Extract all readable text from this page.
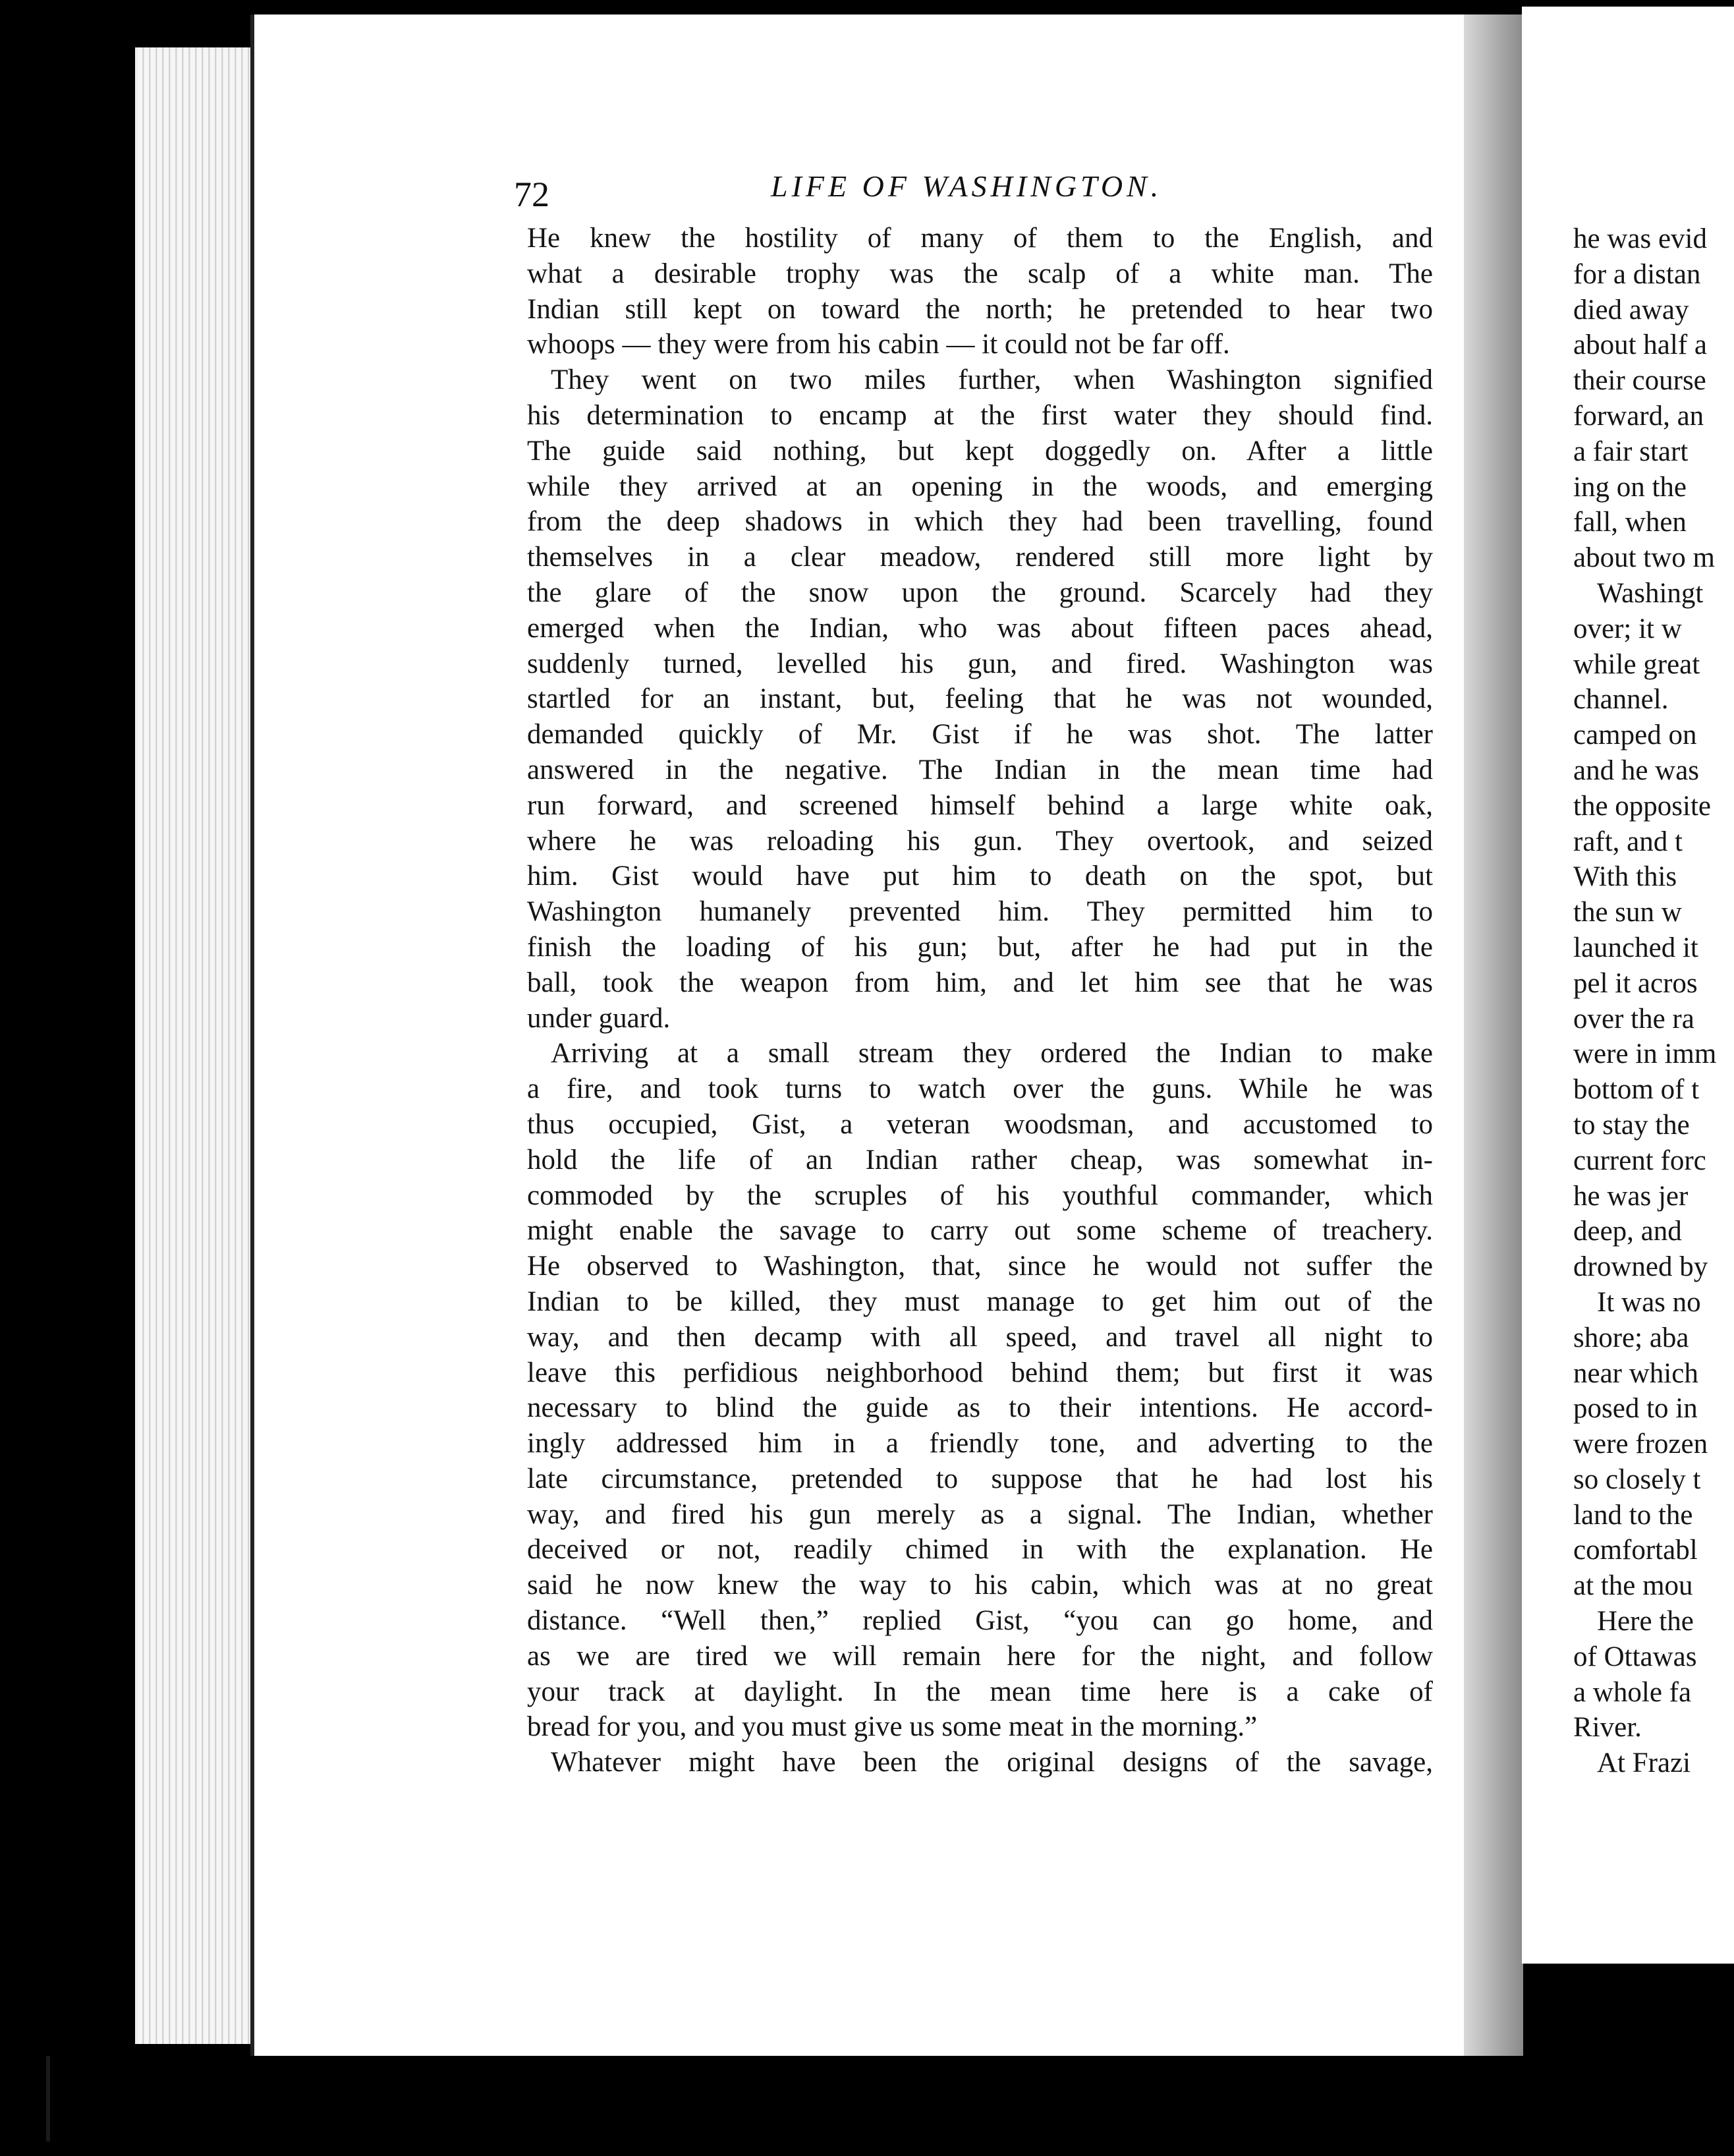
72	LIFE OF WASHINGTON.
He knew the hostility of many of them to the English, and
what a desirable trophy was the scalp of a white man. The
Indian still kept on toward the north; he pretended to hear two
whoops — they were from his cabin — it could not be far off.
They went on two miles further, when Washington signified
his determination to encamp at the first water they should find.
The guide said nothing, but kept doggedly on. After a little
while they arrived at an opening in the woods, and emerging
from the deep shadows in which they had been travelling, found
themselves in a clear meadow, rendered still more light by
the glare of the snow upon the ground. Scarcely had they
emerged when the Indian, who was about fifteen paces ahead,
suddenly turned, levelled his gun, and fired. Washington was
startled for an instant, but, feeling that he was not wounded,
demanded quickly of Mr. Gist if he was shot. The latter
answered in the negative. The Indian in the mean time had
run forward, and screened himself behind a large white oak,
where he was reloading his gun. They overtook, and seized
him. Gist would have put him to death on the spot, but
Washington humanely prevented him. They permitted him to
finish the loading of his gun; but, after he had put in the
ball, took the weapon from him, and let him see that he was
under guard.
Arriving at a small stream they ordered the Indian to make
a fire, and took turns to watch over the guns. While he was
thus occupied, Gist, a veteran woodsman, and accustomed to
hold the life of an Indian rather cheap, was somewhat in-
commoded by the scruples of his youthful commander, which
might enable the savage to carry out some scheme of treachery.
He observed to Washington, that, since he would not suffer the
Indian to be killed, they must manage to get him out of the
way, and then decamp with all speed, and travel all night to
leave this perfidious neighborhood behind them; but first it was
necessary to blind the guide as to their intentions. He accord-
ingly addressed him in a friendly tone, and adverting to the
late circumstance, pretended to suppose that he had lost his
way, and fired his gun merely as a signal. The Indian, whether
deceived or not, readily chimed in with the explanation. He
said he now knew the way to his cabin, which was at no great
distance. “Well then,” replied Gist, “you can go home, and
as we are tired we will remain here for the night, and follow
your track at daylight. In the mean time here is a cake of
bread for you, and you must give us some meat in the morning.”
Whatever might have been the original designs of the savage,
he was evid
for a distan
died away
about half a
their course
forward, an
a fair start
ing on the
fall, when
about two m
Washingt
over; it w
while great
channel.
camped on
and he was
the opposite
raft, and t
With this
the sun w
launched it
pel it acros
over the ra
were in imm
bottom of t
to stay the
current forc
he was jer
deep, and
drowned by
It was no
shore; aba
near which
posed to in
were frozen
so closely t
land to the
comfortabl
at the mou
Here the
of Ottawas
a whole fa
River.
At Frazi
